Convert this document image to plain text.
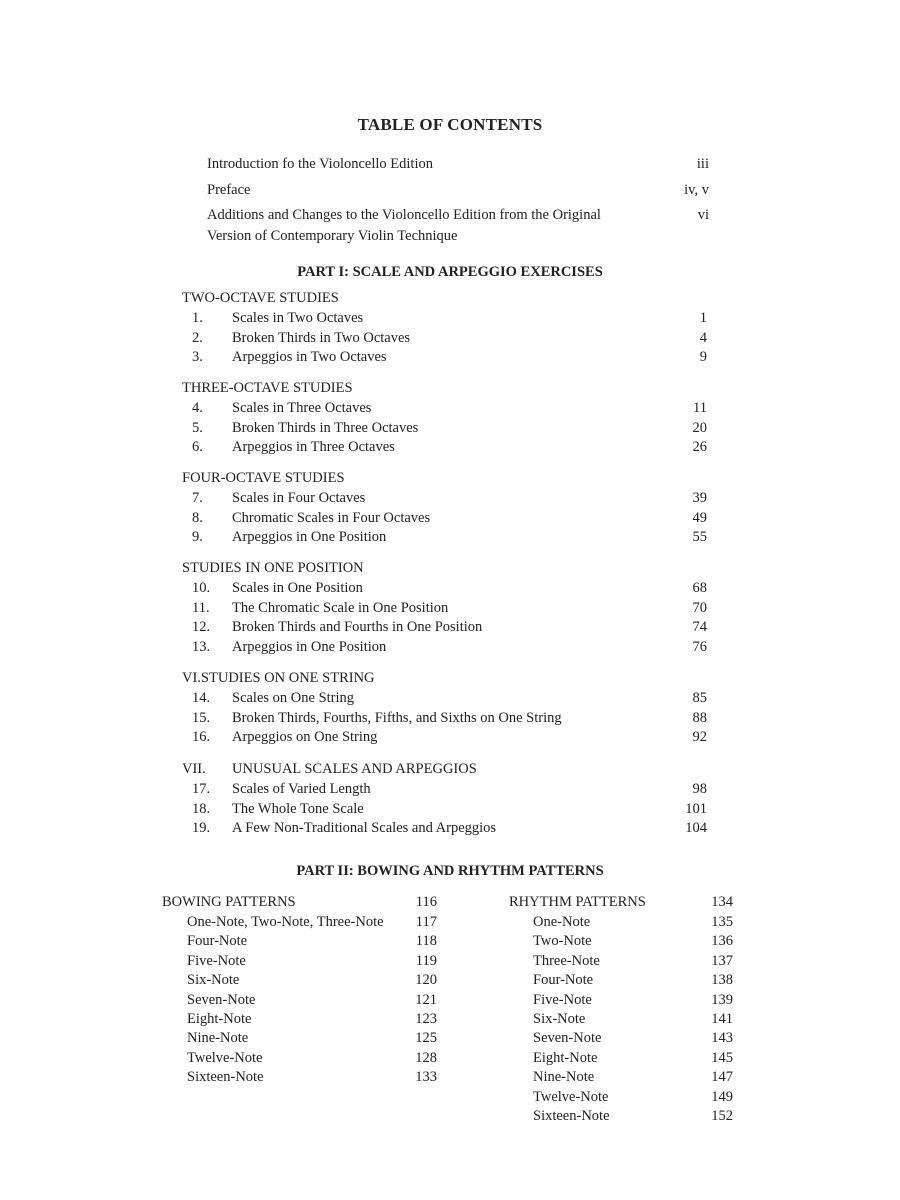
TABLE OF CONTENTS
Introduction fo the Violoncello Edition	iii
Preface	iv, v
Additions and Changes to the Violoncello Edition from the Original
Version of Contemporary Violin Technique
vi
PART I: SCALE AND ARPEGGIO EXERCISES
TWO-OCTAVE STUDIES
1. Scales in Two Octaves	1
2. Broken Thirds in Two Octaves	4
3. Arpeggios in Two Octaves	9
THREE-OCTAVE STUDIES
4. Scales in Three Octaves	11
5. Broken Thirds in Three Octaves	20
6. Arpeggios in Three Octaves	26
FOUR-OCTAVE STUDIES
7. Scales in Four Octaves	39
8. Chromatic Scales in Four Octaves	49
9. Arpeggios in One Position	55
STUDIES IN ONE POSITION
10. Scales in One Position	68
11. The Chromatic Scale in One Position	70
12. Broken Thirds and Fourths in One Position	74
13. Arpeggios in One Position	76
VI.STUDIES ON ONE STRING
14. Scales on One String	85
15. Broken Thirds, Fourths, Fifths, and Sixths on One String	88
16. Arpeggios on One String	92
VII. UNUSUAL SCALES AND ARPEGGIOS
17. Scales of Varied Length	98
18. The Whole Tone Scale	101
19. A Few Non-Traditional Scales and Arpeggios	104
PART II: BOWING AND RHYTHM PATTERNS
BOWING PATTERNS	116
One-Note, Two-Note, Three-Note 117
Four-Note	118
Five-Note	119
Six-Note	120
Seven-Note	121
Eight-Note	123
Nine-Note	125
Twelve-Note	128
Sixteen-Note	133
RHYTHM PATTERNS	134
One-Note	135
Two-Note	136
Three-Note	137
Four-Note	138
Five-Note	139
Six-Note	141
Seven-Note	143
Eight-Note	145
Nine-Note	147
Twelve-Note	149
Sixteen-Note	152
